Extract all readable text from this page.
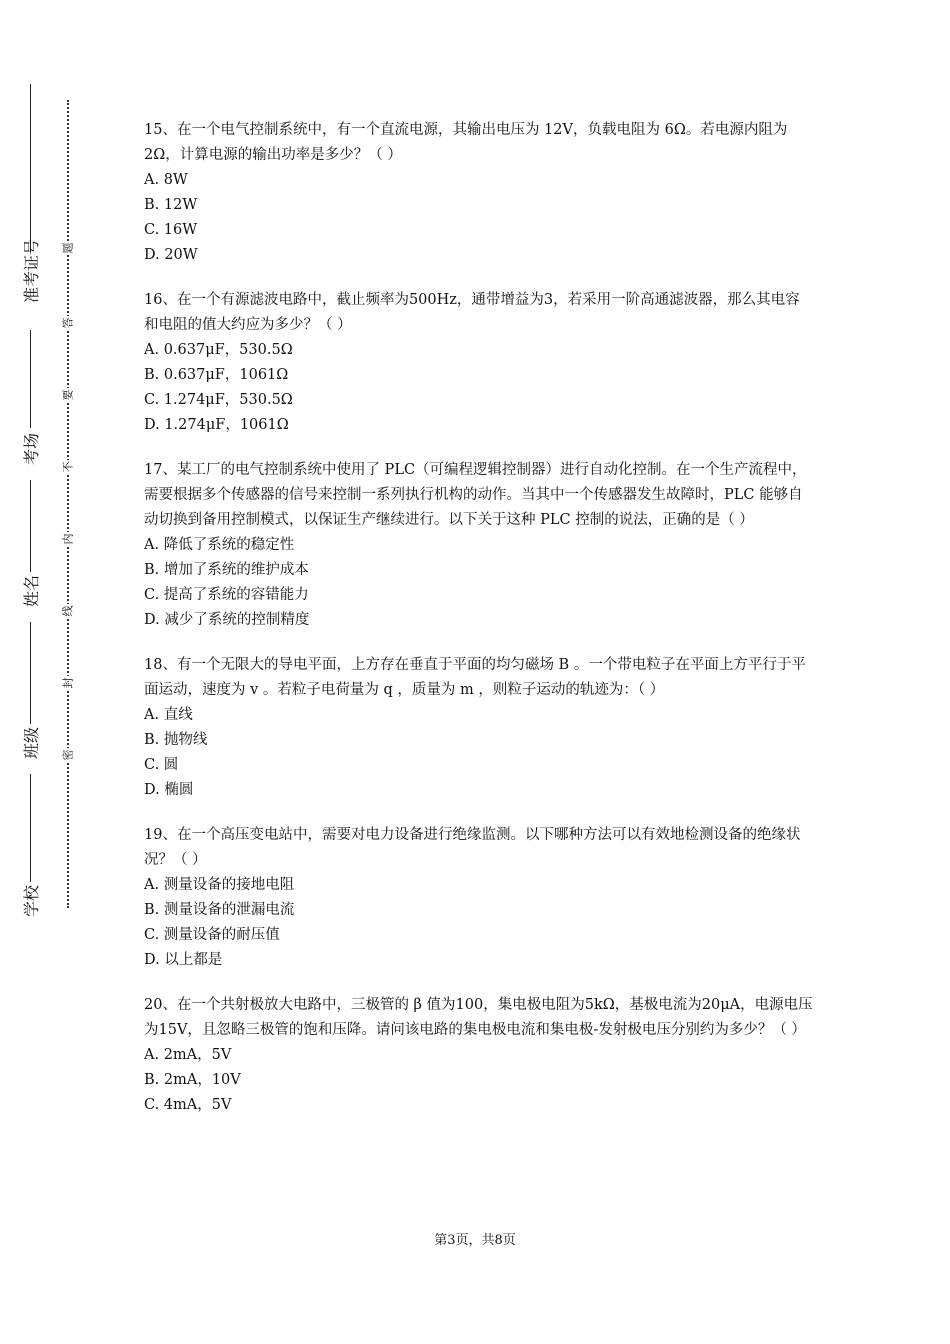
准考证号
考场
姓名
班级
学校
题
答
要
不
内
线
封
密

15、在一个电气控制系统中，有一个直流电源，其输出电压为 12V，负载电阻为 6Ω。若电源内阻为 2Ω，计算电源的输出功率是多少？（ ）

A. 8W

B. 12W

C. 16W

D. 20W

16、在一个有源滤波电路中，截止频率为500Hz，通带增益为3，若采用一阶高通滤波器，那么其电容和电阻的值大约应为多少？（ ）

A. 0.637μF，530.5Ω

B. 0.637μF，1061Ω

C. 1.274μF，530.5Ω

D. 1.274μF，1061Ω

17、某工厂的电气控制系统中使用了 PLC（可编程逻辑控制器）进行自动化控制。在一个生产流程中，需要根据多个传感器的信号来控制一系列执行机构的动作。当其中一个传感器发生故障时，PLC 能够自动切换到备用控制模式，以保证生产继续进行。以下关于这种 PLC 控制的说法，正确的是（ ）

A. 降低了系统的稳定性

B. 增加了系统的维护成本

C. 提高了系统的容错能力

D. 减少了系统的控制精度

18、有一个无限大的导电平面，上方存在垂直于平面的均匀磁场 B 。一个带电粒子在平面上方平行于平面运动，速度为 v 。若粒子电荷量为 q ，质量为 m ，则粒子运动的轨迹为：（ ）

A. 直线

B. 抛物线

C. 圆

D. 椭圆

19、在一个高压变电站中，需要对电力设备进行绝缘监测。以下哪种方法可以有效地检测设备的绝缘状况？（ ）

A. 测量设备的接地电阻

B. 测量设备的泄漏电流

C. 测量设备的耐压值

D. 以上都是

20、在一个共射极放大电路中，三极管的 β 值为100，集电极电阻为5kΩ，基极电流为20μA，电源电压为15V，且忽略三极管的饱和压降。请问该电路的集电极电流和集电极-发射极电压分别约为多少？（ ）

A. 2mA，5V

B. 2mA，10V

C. 4mA，5V

第3页，共8页
